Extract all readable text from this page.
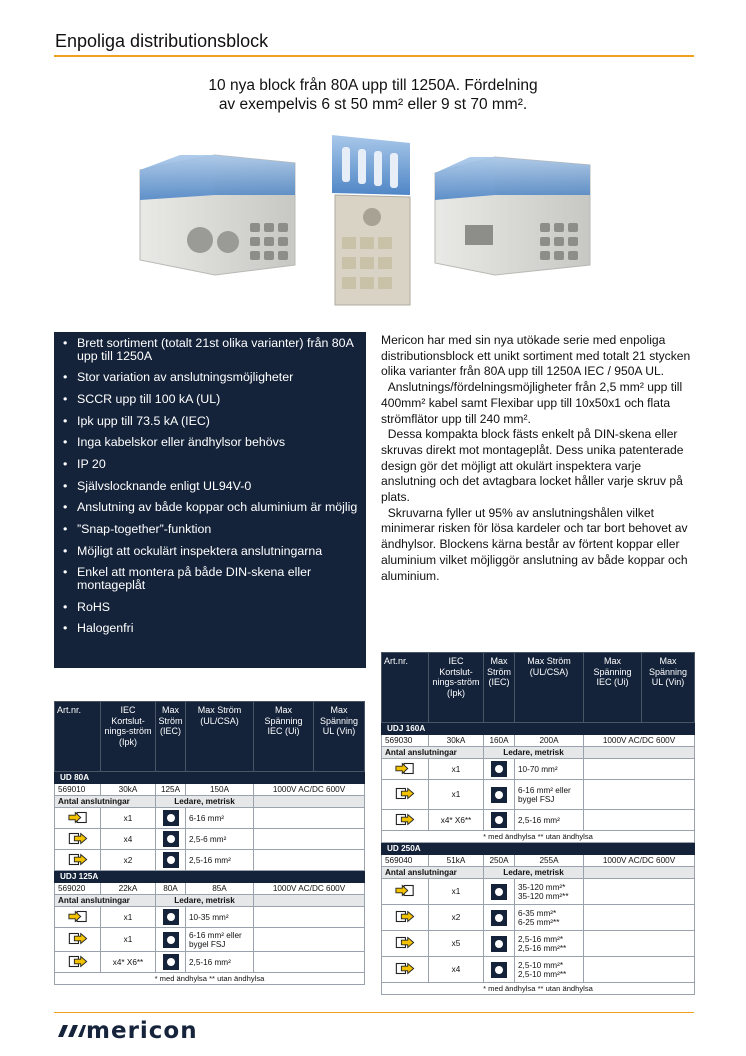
Enpoliga distributionsblock
10 nya block från 80A upp till 1250A. Fördelning
av exempelvis 6 st 50 mm² eller 9 st 70 mm².
• Brett sortiment (totalt 21st olika varianter) från 80A upp till 1250A
• Stor variation av anslutningsmöjligheter
• SCCR upp till 100 kA (UL)
• Ipk upp till 73.5 kA (IEC)
• Inga kabelskor eller ändhylsor behövs
• IP 20
• Självslocknande enligt UL94V-0
• Anslutning av både koppar och aluminium är möjlig
• ”Snap-together”-funktion
• Möjligt att ockulärt inspektera anslutningarna
• Enkel att montera på både DIN-skena eller montageplåt
• RoHS
• Halogenfri

Mericon har med sin nya utökade serie med enpoliga distributionsblock ett unikt sortiment med totalt 21 stycken olika varianter från 80A upp till 1250A IEC / 950A UL.

Anslutnings/fördelningsmöjligheter från 2,5 mm² upp till 400mm² kabel samt Flexibar upp till 10x50x1 och flata strömflätor upp till 240 mm².

Dessa kompakta block fästs enkelt på DIN-skena eller skruvas direkt mot montageplåt. Dess unika patenterade design gör det möjligt att okulärt inspektera varje anslutning och det avtagbara locket håller varje skruv på plats.

Skruvarna fyller ut 95% av anslutningshålen vilket minimerar risken för lösa kardeler och tar bort behovet av ändhylsor. Blockens kärna består av förtent koppar eller aluminium vilket möjliggör anslutning av både koppar och aluminium.

Art.nr.	IEC Kortslut-nings-ström (Ipk)	Max Ström (IEC)	Max Ström (UL/CSA)	Max Spänning IEC (Ui)	Max Spänning UL (Vin)
UD 80A					
569010	30kA	125A	150A	1000V AC/DC 600V	
Antal anslutningar		Ledare, metrisk			
	x1		6-16 mm²		
	x4		2,5-6 mm²		
	x2		2,5-16 mm²		
UDJ 125A					
569020	22kA	80A	85A	1000V AC/DC 600V	
Antal anslutningar		Ledare, metrisk			
	x1		10-35 mm²		
	x1		6-16 mm² eller
bygel FSJ		
	x4* X6**		2,5-16 mm²		
* med ändhylsa ** utan ändhylsa					
Art.nr.	IEC Kortslut-nings-ström (Ipk)	Max Ström (IEC)	Max Ström (UL/CSA)	Max Spänning IEC (Ui)	Max Spänning UL (Vin)
UDJ 160A					
569030	30kA	160A	200A	1000V AC/DC 600V	
Antal anslutningar		Ledare, metrisk			
	x1		10-70 mm²		
	x1		6-16 mm² eller
bygel FSJ		
	x4* X6**		2,5-16 mm²		
* med ändhylsa ** utan ändhylsa					
UD 250A					
569040	51kA	250A	255A	1000V AC/DC 600V	
Antal anslutningar		Ledare, metrisk			
	x1		35-120 mm²*
35-120 mm²**		
	x2		6-35 mm²*
6-25 mm²**		
	x5		2,5-16 mm²*
2,5-16 mm²**		
	x4		2,5-10 mm²*
2,5-10 mm²**		
* med ändhylsa ** utan ändhylsa					
mericon
